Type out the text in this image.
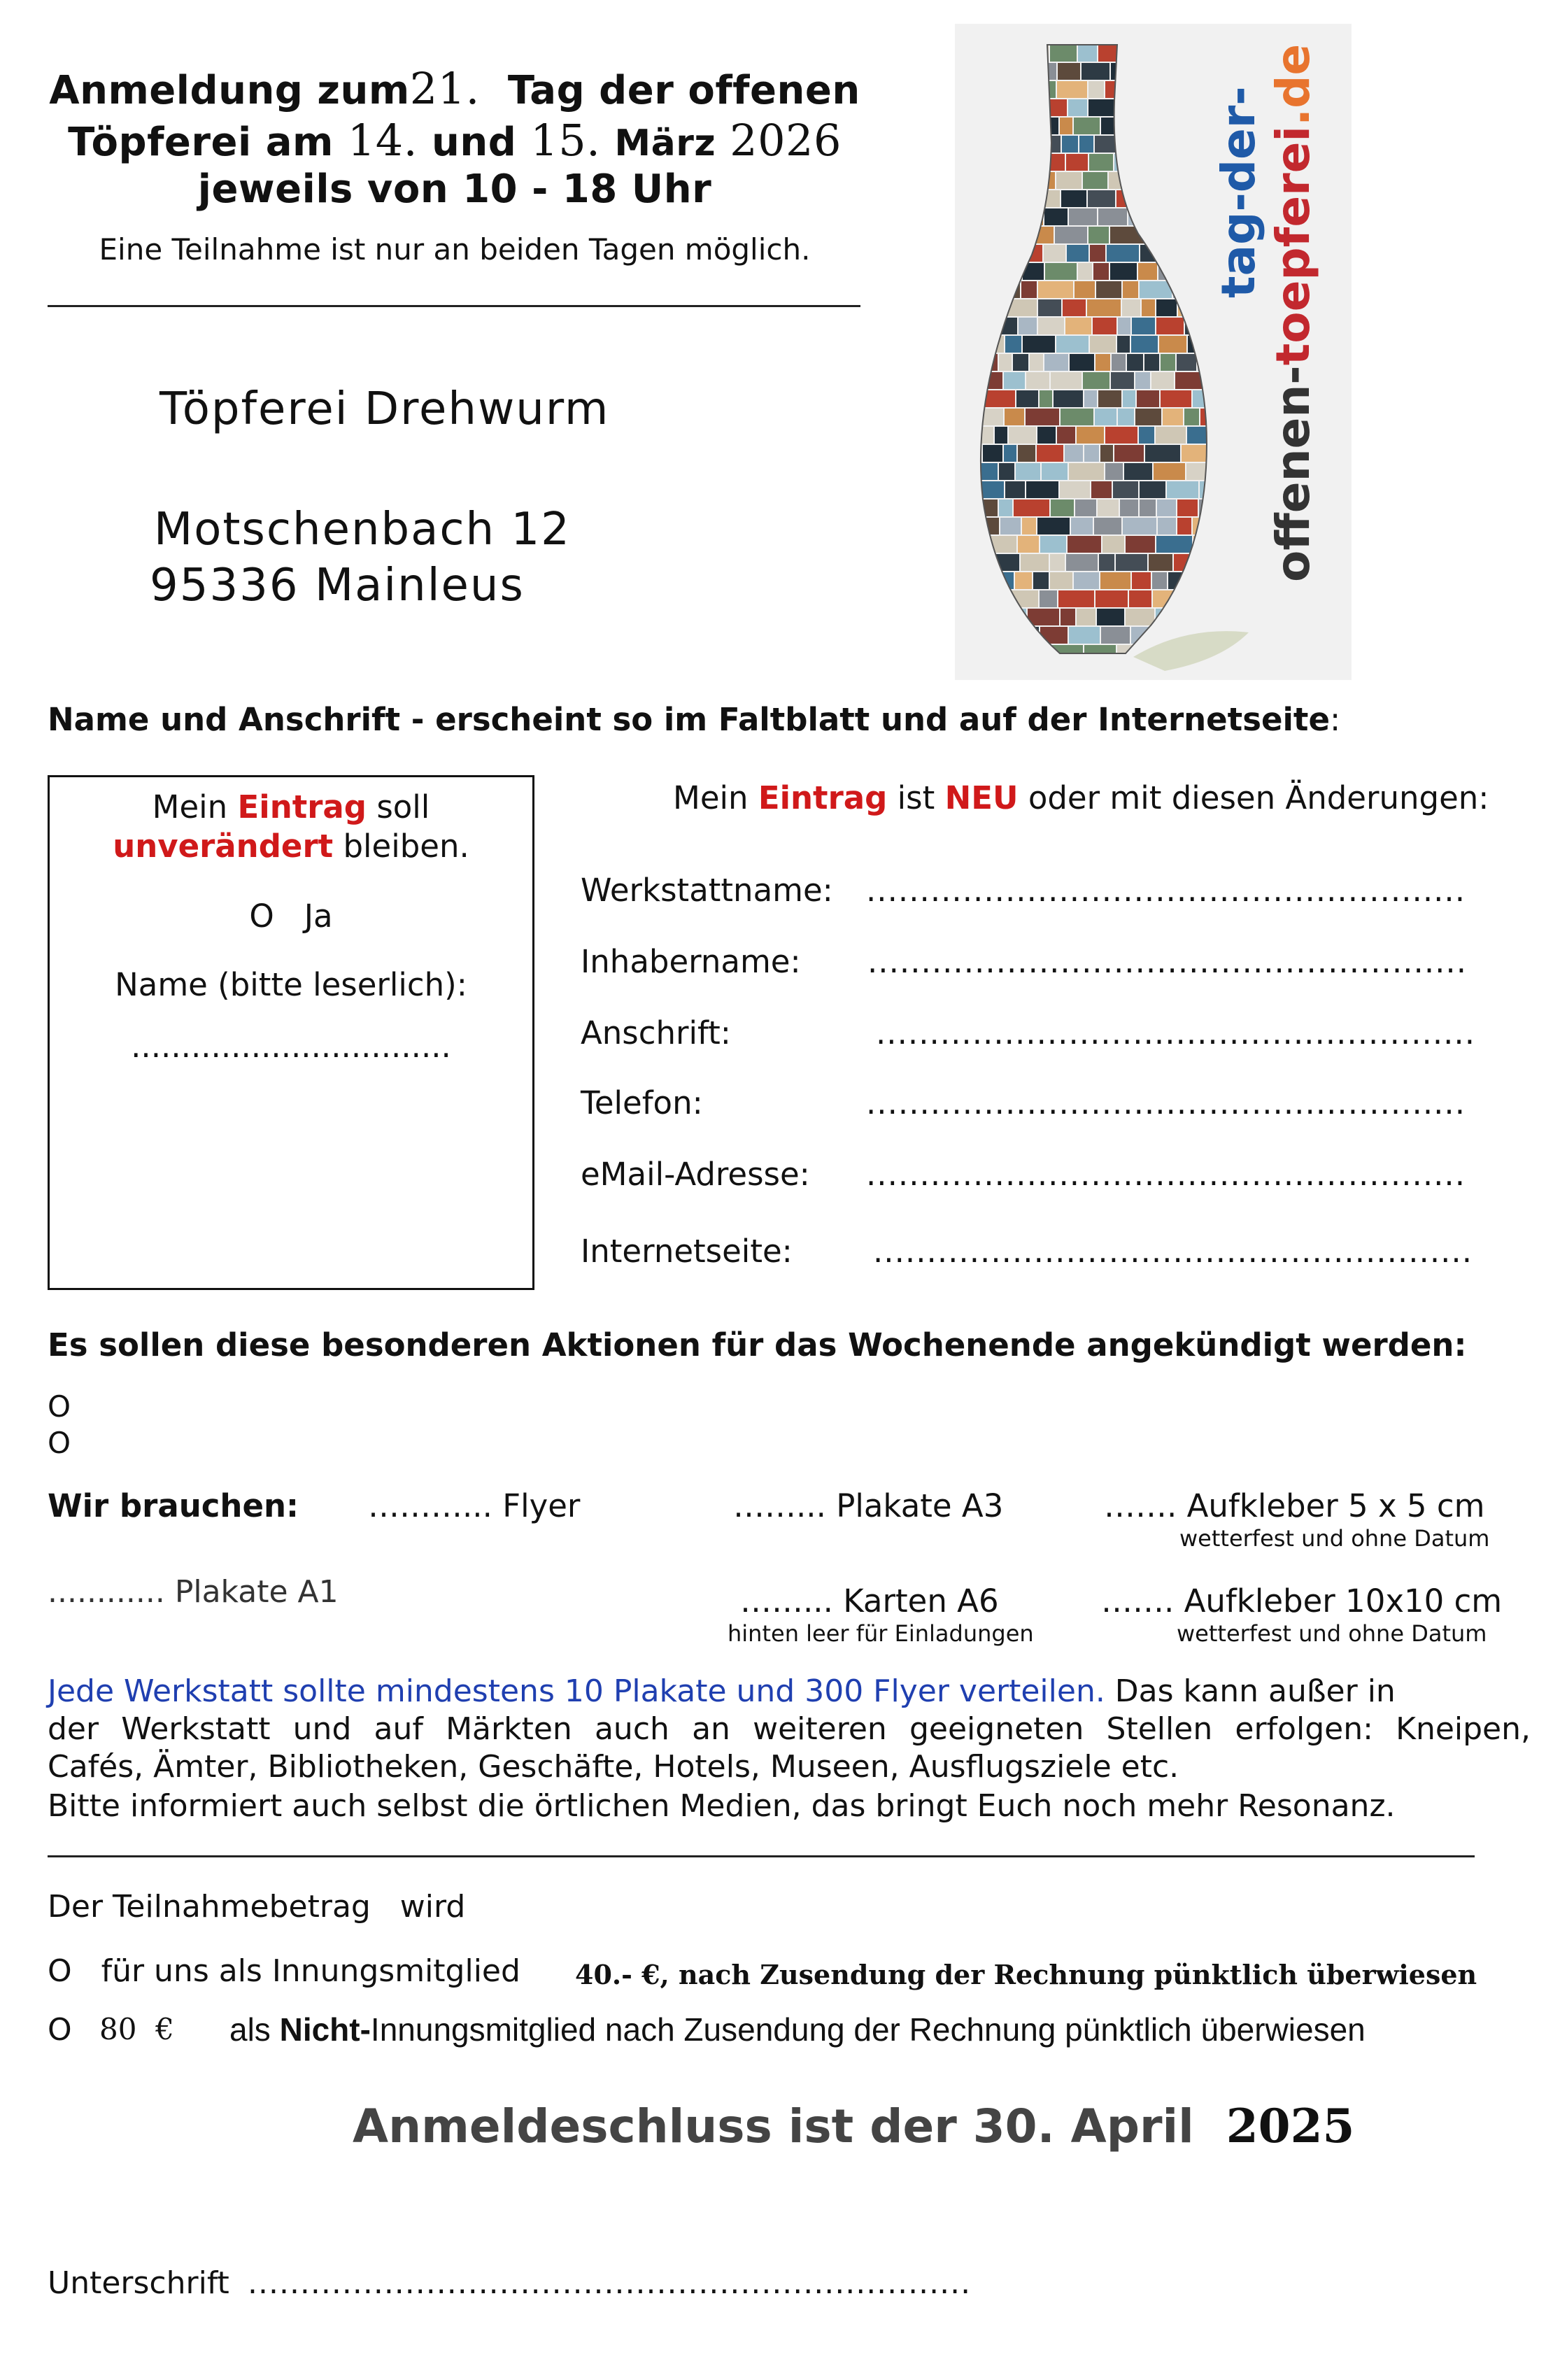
Anmeldung zum21. Tag der offenen
Töpferei am 14. und 15. März 2026
jeweils von 10 - 18 Uhr
Eine Teilnahme ist nur an beiden Tagen möglich.
Töpferei Drehwurm
Motschenbach 12
95336 Mainleus
tag-der-
offenen-toepferei.de
Name und Anschrift - erscheint so im Faltblatt und auf der Internetseite:
Mein Eintrag soll
unverändert bleiben.
O   Ja
Name (bitte leserlich):
................................
Mein Eintrag ist NEU oder mit diesen Änderungen:
Werkstattname: ........................................................
Inhabername: ........................................................
Anschrift:	........................................................
Telefon:	........................................................
eMail-Adresse: ........................................................
Internetseite:	........................................................
Es sollen diese besonderen Aktionen für das Wochenende angekündigt werden:
O
O
Wir brauchen: ………... Flyer	……... Plakate A3	……. Aufkleber 5 x 5 cm
wetterfest und ohne Datum
............ Plakate A1	……... Karten A6
hinten leer für Einladungen
……. Aufkleber 10x10 cm
wetterfest und ohne Datum
Jede Werkstatt sollte mindestens 10 Plakate und 300 Flyer verteilen. Das kann außer in
der Werkstatt und auf Märkten auch an weiteren geeigneten Stellen erfolgen: Kneipen,
Cafés, Ämter, Bibliotheken, Geschäfte, Hotels, Museen, Ausflugsziele etc.
Bitte informiert auch selbst die örtlichen Medien, das bringt Euch noch mehr Resonanz.
Der Teilnahmebetrag   wird
O   für uns als Innungsmitglied 40.- €, nach Zusendung der Rechnung pünktlich überwiesen
O 80  € als Nicht-Innungsmitglied nach Zusendung der Rechnung pünktlich überwiesen
Anmeldeschluss ist der 30. April 2025
Unterschrift .....................................................................
